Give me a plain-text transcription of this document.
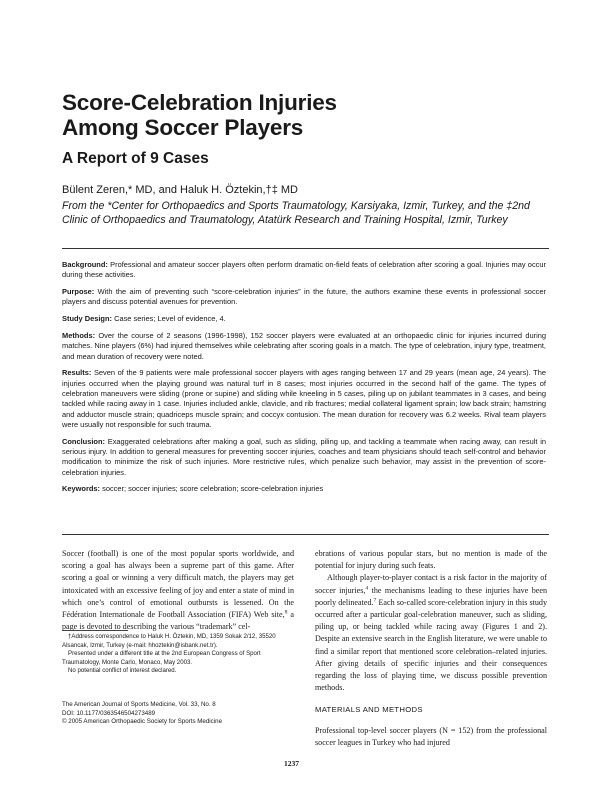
Score-Celebration Injuries
Among Soccer Players
A Report of 9 Cases
Bülent Zeren,* MD, and Haluk H. Öztekin,†‡ MD
From the *Center for Orthopaedics and Sports Traumatology, Karsiyaka, Izmir, Turkey, and the ‡2nd Clinic of Orthopaedics and Traumatology, Atatürk Research and Training Hospital, Izmir, Turkey

Background: Professional and amateur soccer players often perform dramatic on-field feats of celebration after scoring a goal. Injuries may occur during these activities.

Purpose: With the aim of preventing such “score-celebration injuries” in the future, the authors examine these events in professional soccer players and discuss potential avenues for prevention.

Study Design: Case series; Level of evidence, 4.

Methods: Over the course of 2 seasons (1996-1998), 152 soccer players were evaluated at an orthopaedic clinic for injuries incurred during matches. Nine players (6%) had injured themselves while celebrating after scoring goals in a match. The type of celebration, injury type, treatment, and mean duration of recovery were noted.

Results: Seven of the 9 patients were male professional soccer players with ages ranging between 17 and 29 years (mean age, 24 years). The injuries occurred when the playing ground was natural turf in 8 cases; most injuries occurred in the second half of the game. The types of celebration maneuvers were sliding (prone or supine) and sliding while kneeling in 5 cases, piling up on jubilant teammates in 3 cases, and being tackled while racing away in 1 case. Injuries included ankle, clavicle, and rib fractures; medial collateral ligament sprain; low back strain; hamstring and adductor muscle strain; quadriceps muscle sprain; and coccyx contusion. The mean duration for recovery was 6.2 weeks. Rival team players were usually not responsible for such trauma.

Conclusion: Exaggerated celebrations after making a goal, such as sliding, piling up, and tackling a teammate when racing away, can result in serious injury. In addition to general measures for preventing soccer injuries, coaches and team physicians should teach self-control and behavior modification to minimize the risk of such injuries. More restrictive rules, which penalize such behavior, may assist in the prevention of score-celebration injuries.

Keywords: soccer; soccer injuries; score celebration; score-celebration injuries

Soccer (football) is one of the most popular sports worldwide, and scoring a goal has always been a supreme part of this game. After scoring a goal or winning a very difficult match, the players may get intoxicated with an excessive feeling of joy and enter a state of mind in which one’s control of emotional outbursts is lessened. On the Fédération Internationale de Football Association (FIFA) Web site,$^8$ a page is devoted to describing the various “trademark” cel-

†Address correspondence to Haluk H. Öztekin, MD, 1359 Sokak 2/12, 35520 Alsancak, Izmir, Turkey (e-mail: hhoztekin@isbank.net.tr).

Presented under a different title at the 2nd European Congress of Sport Traumatology, Monte Carlo, Monaco, May 2003.

No potential conflict of interest declared.

The American Journal of Sports Medicine, Vol. 33, No. 8

DOI: 10.1177/0363546504273489

© 2005 American Orthopaedic Society for Sports Medicine

ebrations of various popular stars, but no mention is made of the potential for injury during such feats.

Although player-to-player contact is a risk factor in the majority of soccer injuries,$^4$ the mechanisms leading to these injuries have been poorly delineated.$^7$ Each so-called score-celebration injury in this study occurred after a particular goal-celebration maneuver, such as sliding, piling up, or being tackled while racing away (Figures 1 and 2). Despite an extensive search in the English literature, we were unable to find a similar report that mentioned score celebration–related injuries. After giving details of specific injuries and their consequences regarding the loss of playing time, we discuss possible prevention methods.

MATERIALS AND METHODS

Professional top-level soccer players (N = 152) from the professional soccer leagues in Turkey who had injured

1237
